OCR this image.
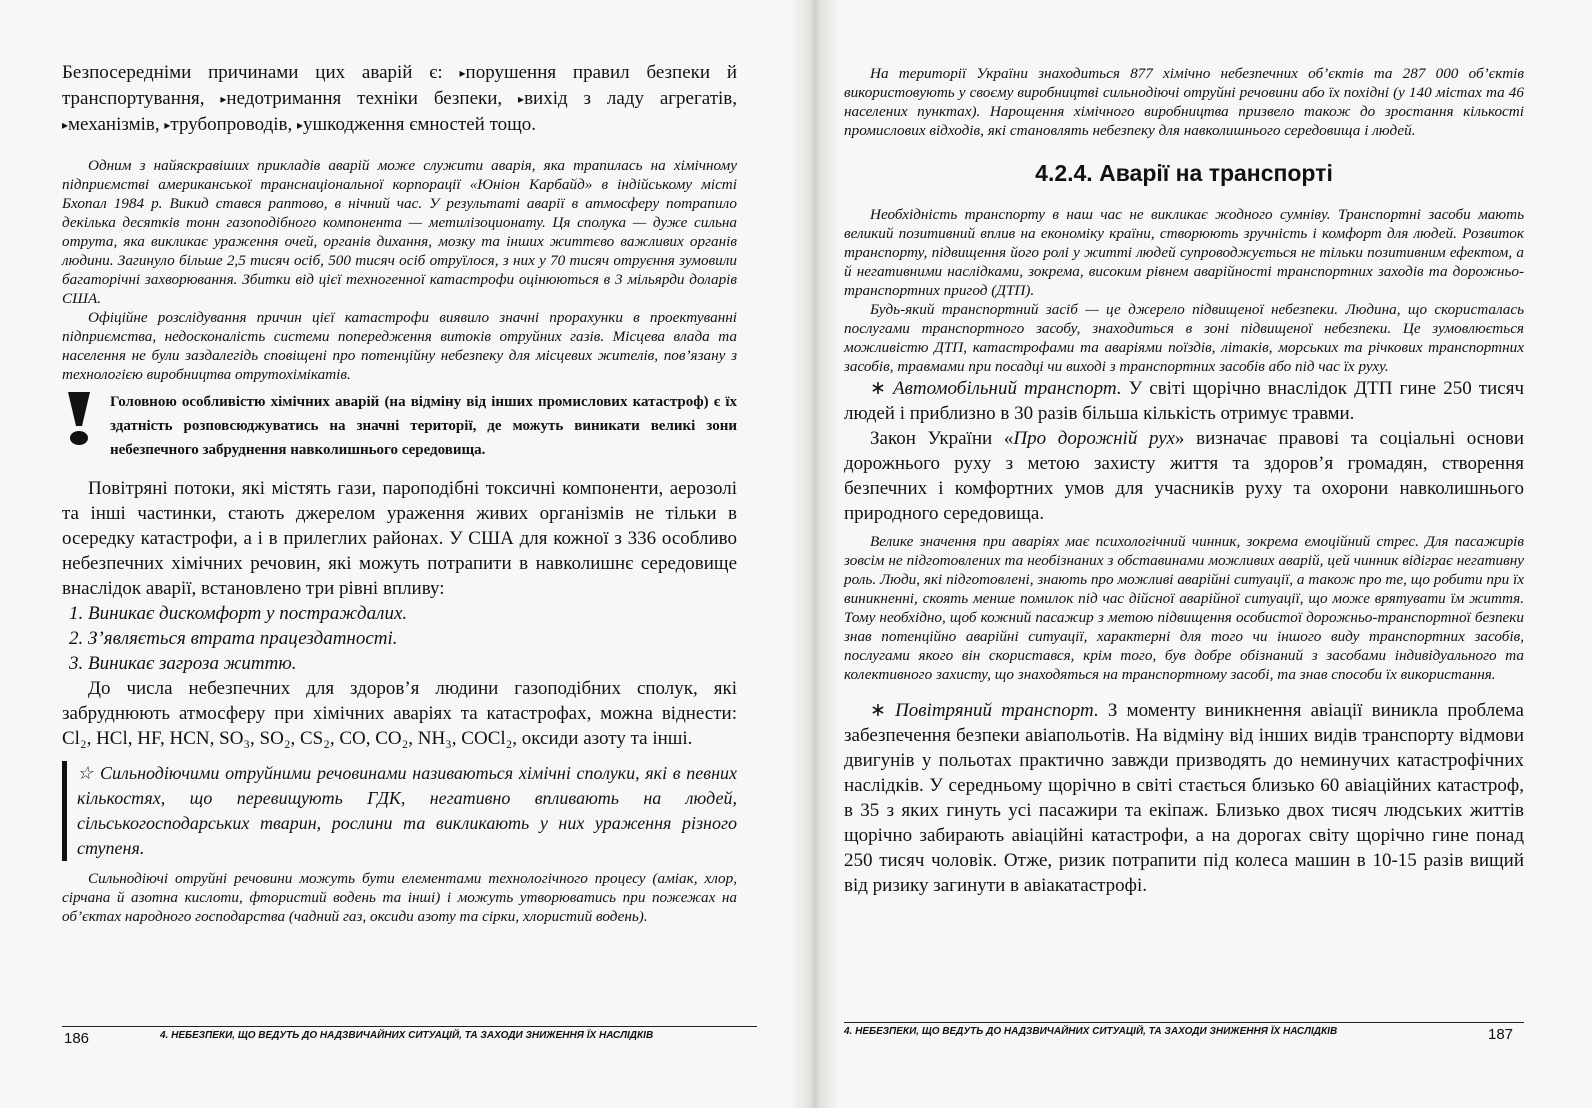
Безпосередніми причинами цих аварій є: ▸порушення правил безпеки й транспортування, ▸недотримання техніки безпеки, ▸вихід з ладу агрегатів, ▸механізмів, ▸трубопроводів, ▸ушкодження ємностей тощо.

Одним з найяскравіших прикладів аварій може служити аварія, яка трапилась на хімічному підприємстві американської транснаціональної корпорації «Юніон Карбайд» в індійському місті Бхопал 1984 р. Викид стався раптово, в нічний час. У результаті аварії в атмосферу потрапило декілька десятків тонн газоподібного компонента — метилізоционату. Ця сполука — дуже сильна отрута, яка викликає ураження очей, органів дихання, мозку та інших життєво важливих органів людини. Загинуло більше 2,5 тисяч осіб, 500 тисяч осіб отруїлося, з них у 70 тисяч отруєння зумовили багаторічні захворювання. Збитки від цієї техногенної катастрофи оцінюються в 3 мільярди доларів США.

Офіційне розслідування причин цієї катастрофи виявило значні прорахунки в проектуванні підприємства, недосконалість системи попередження витоків отруйних газів. Місцева влада та населення не були заздалегідь сповіщені про потенційну небезпеку для місцевих жителів, пов’язану з технологією виробництва отрутохімікатів.

Головною особливістю хімічних аварій (на відміну від інших промислових катастроф) є їх здатність розповсюджуватись на значні території, де можуть виникати великі зони небезпечного забруднення навколишнього середовища.

Повітряні потоки, які містять гази, пароподібні токсичні компоненти, аерозолі та інші частинки, стають джерелом ураження живих організмів не тільки в осередку катастрофи, а і в прилеглих районах. У США для кожної з 336 особливо небезпечних хімічних речовин, які можуть потрапити в навколишнє середовище внаслідок аварії, встановлено три рівні впливу:

1. Виникає дискомфорт у постраждалих.
2. З’являється втрата працездатності.
3. Виникає загроза життю.

До числа небезпечних для здоров’я людини газоподібних сполук, які забруднюють атмосферу при хімічних аваріях та катастрофах, можна віднести: Cl₂, HCl, HF, HCN, SO₃, SO₂, CS₂, CO, CO₂, NH₃, COCl₂, оксиди азоту та інші.

☆ Сильнодіючими отруйними речовинами називаються хімічні сполуки, які в певних кількостях, що перевищують ГДК, негативно впливають на людей, сільськогосподарських тварин, рослини та викликають у них ураження різного ступеня.

Сильнодіючі отруйні речовини можуть бути елементами технологічного процесу (аміак, хлор, сірчана й азотна кислоти, фтористий водень та інші) і можуть утворюватись при пожежах на об’єктах народного господарства (чадний газ, оксиди азоту та сірки, хлористий водень).

186	4. НЕБЕЗПЕКИ, ЩО ВЕДУТЬ ДО НАДЗВИЧАЙНИХ СИТУАЦІЙ, ТА ЗАХОДИ ЗНИЖЕННЯ ЇХ НАСЛІДКІВ

На території України знаходиться 877 хімічно небезпечних об’єктів та 287 000 об’єктів використовують у своєму виробництві сильнодіючі отруйні речовини або їх похідні (у 140 містах та 46 населених пунктах). Нарощення хімічного виробництва призвело також до зростання кількості промислових відходів, які становлять небезпеку для навколишнього середовища і людей.

4.2.4. Аварії на транспорті

Необхідність транспорту в наш час не викликає жодного сумніву. Транспортні засоби мають великий позитивний вплив на економіку країни, створюють зручність і комфорт для людей. Розвиток транспорту, підвищення його ролі у житті людей супроводжується не тільки позитивним ефектом, а й негативними наслідками, зокрема, високим рівнем аварійності транспортних заходів та дорожньо-транспортних пригод (ДТП).

Будь-який транспортний засіб — це джерело підвищеної небезпеки. Людина, що скористалась послугами транспортного засобу, знаходиться в зоні підвищеної небезпеки. Це зумовлюється можливістю ДТП, катастрофами та аваріями поїздів, літаків, морських та річкових транспортних засобів, травмами при посадці чи виході з транспортних засобів або під час їх руху.

∗ Автомобільний транспорт. У світі щорічно внаслідок ДТП гине 250 тисяч людей і приблизно в 30 разів більша кількість отримує травми.

Закон України «Про дорожній рух» визначає правові та соціальні основи дорожнього руху з метою захисту життя та здоров’я громадян, створення безпечних і комфортних умов для учасників руху та охорони навколишнього природного середовища.

Велике значення при аваріях має психологічний чинник, зокрема емоційний стрес. Для пасажирів зовсім не підготовлених та необізнаних з обставинами можливих аварій, цей чинник відіграє негативну роль. Люди, які підготовлені, знають про можливі аварійні ситуації, а також про те, що робити при їх виникненні, скоять менше помилок під час дійсної аварійної ситуації, що може врятувати їм життя. Тому необхідно, щоб кожний пасажир з метою підвищення особистої дорожньо-транспортної безпеки знав потенційно аварійні ситуації, характерні для того чи іншого виду транспортних засобів, послугами якого він скористався, крім того, був добре обізнаний з засобами індивідуального та колективного захисту, що знаходяться на транспортному засобі, та знав способи їх використання.

∗ Повітряний транспорт. З моменту виникнення авіації виникла проблема забезпечення безпеки авіапольотів. На відміну від інших видів транспорту відмови двигунів у польотах практично завжди призводять до неминучих катастрофічних наслідків. У середньому щорічно в світі стається близько 60 авіаційних катастроф, в 35 з яких гинуть усі пасажири та екіпаж. Близько двох тисяч людських життів щорічно забирають авіаційні катастрофи, а на дорогах світу щорічно гине понад 250 тисяч чоловік. Отже, ризик потрапити під колеса машин в 10-15 разів вищий від ризику загинути в авіакатастрофі.

4. НЕБЕЗПЕКИ, ЩО ВЕДУТЬ ДО НАДЗВИЧАЙНИХ СИТУАЦІЙ, ТА ЗАХОДИ ЗНИЖЕННЯ ЇХ НАСЛІДКІВ	187
